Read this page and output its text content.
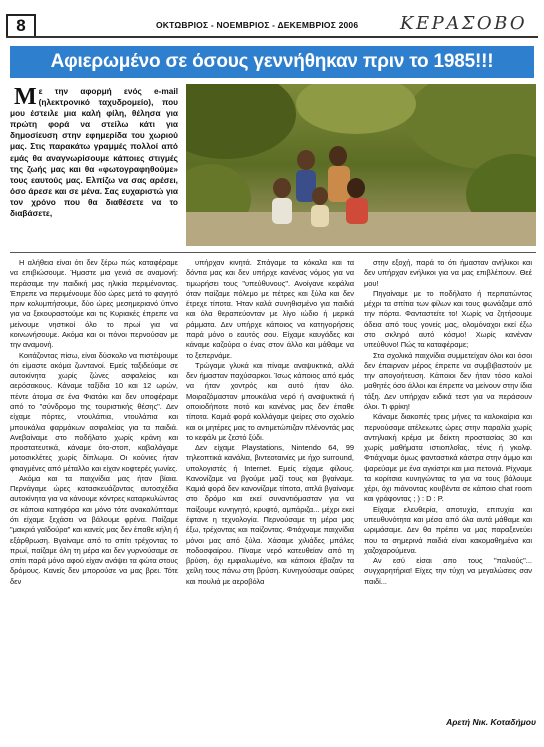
8	ΟΚΤΩΒΡΙΟΣ - ΝΟΕΜΒΡΙΟΣ - ΔΕΚΕΜΒΡΙΟΣ 2006 ΚΕΡΑΣΟΒΟ
Αφιερωμένο σε όσους γεννήθηκαν πριν το 1985!!!

Με την αφορμή ενός e-mail (ηλεκτρονικό ταχυδρομείο), που μου έστειλε μια καλή φίλη, θέλησα για πρώτη φορά να στείλω κάτι για δημοσίευση στην εφημερίδα του χωριού μας. Στις παρακάτω γραμμές πολλοί από εμάς θα αναγνωρίσουμε κάποιες στιγμές της ζωής μας και θα «φωτογραφηθούμε» τους εαυτούς μας. Ελπίζω να σας αρέσει, όσο άρεσε και σε μένα. Σας ευχαριστώ για τον χρόνο που θα διαθέσετε να το διαβάσετε,

Η αλήθεια είναι ότι δεν ξέρω πώς καταφέραμε να επιβιώσουμε. Ήμαστε μια γενιά σε αναμονή: περάσαμε την παιδική μας ηλικία περιμένοντας. Έπρεπε να περιμένουμε δύο ώρες μετά το φαγητό πριν κολυμπήσουμε, δύο ώρες μεσημεριανό ύπνο για να ξεκουραστούμε και τις Κυριακές έπρεπε να μείνουμε νηστικοί όλο το πρωί για να κοινωνήσουμε. Ακόμα και οι πόνοι περνούσαν με την αναμονή.

Κοιτάζοντας πίσω, είναι δύσκολο να πιστέψουμε ότι είμαστε ακόμα ζωντανοί. Εμείς ταξιδεύαμε σε αυτοκίνητα χωρίς ζώνες ασφαλείας και αερόσακους. Κάναμε ταξίδια 10 και 12 ωρών, πέντε άτομα σε ένα Φιατάκι και δεν υποφέραμε από το "σύνδρομο της τουριστικής θέσης". Δεν είχαμε πόρτες, ντουλάπια, ντουλάπια και μπουκάλια φαρμάκων ασφαλείας για τα παιδιά. Ανεβαίναμε στο ποδήλατο χωρίς κράνη και προστατευτικά, κάναμε ότο-στοπ, καβαλάγαμε μοτοσικλέτες χωρίς δίπλωμα. Οι κούνιες ήταν φτιαγμένες από μέταλλο και είχαν κοφτερές γωνίες.

Ακόμα και τα παιχνίδια μας ήταν βίαια. Περνάγαμε ώρες κατασκευάζοντας αυτοσχέδια αυτοκίνητα για να κάνουμε κόντρες καταρκυλώντας σε κάποια κατηφόρα και μόνο τότε ανακαλύπταμε ότι είχαμε ξεχάσει να βάλουμε φρένα. Παίζαμε "μακριά γαϊδούρα" και κανείς μας δεν έπαθε κήλη ή εξάρθρωση. Βγαίναμε από το σπίτι τρέχοντας το πρωί, παίζαμε όλη τη μέρα και δεν γυρνούσαμε σε σπίτι παρά μόνο αφού είχαν ανάψει τα φώτα στους δρόμους. Κανείς δεν μπορούσε να μας βρει. Τότε δεν

υπήρχαν κινητά. Σπάγαμε τα κόκαλα και τα δόντια μας και δεν υπήρχε κανένας νόμος για να τιμωρήσει τους "υπεύθυνους". Ανοίγανε κεφάλια όταν παίζαμε πόλεμο με πέτρες και ξύλα και δεν έτρεχε τίποτα. Ήταν καλά συνηθισμένο για παιδιά και όλα θεραπεύονταν με λίγο ιώδιο ή μερικά ράμματα. Δεν υπήρχε κάποιος να κατηγορήσεις παρά μόνο ο εαυτός σου. Είχαμε καυγάδες και κάναμε καζούρα ο ένας στον άλλο και μάθαμε να το ξεπερνάμε.

Τρώγαμε γλυκά και πίναμε αναψυκτικά, αλλά δεν ήμασταν παχύσαρκοι. Ίσως κάποιος από εμάς να ήταν χοντρός και αυτό ήταν όλο. Μοιραζόμασταν μπουκάλια νερό ή αναψυκτικά ή οποιοδήποτε ποτό και κανένας μας δεν έπαθε τίποτα. Καμιά φορά κολλάγαμε ψείρες στο σχολείο και οι μητέρες μας το αντιμετώπιζαν πλένοντάς μας το κεφάλι με ζεστό ξύδι.

Δεν είχαμε Playstations, Nintendo 64, 99 τηλεοπτικά κανάλια, βιντεοταινίες με ήχο surround, υπολογιστές ή Internet. Εμείς είχαμε φίλους. Κανονίζαμε να βγούμε μαζί τους και βγαίναμε. Καμιά φορά δεν κανονίζαμε τίποτα, απλά βγαίναμε στο δρόμο και εκεί συναντιόμασταν για να παίξουμε κυνηγητό, κρυφτό, αμπάριζα... μέχρι εκεί έφτανε η τεχνολογία. Περνούσαμε τη μέρα μας έξω, τρέχοντας και παίζοντας. Φτιάχναμε παιχνίδια μόνοι μας από ξύλα. Χάσαμε χιλιάδες μπάλες ποδοσφαίρου. Πίναμε νερό κατευθείαν από τη βρύση, όχι εμφιαλωμένο, και κάποιοι έβαζαν τα χείλη τους πάνω στη βρύση. Κυνηγούσαμε σαύρες και πουλιά με αεροβόλα

στην εξοχή, παρά το ότι ήμασταν ανήλικοι και δεν υπήρχαν ενήλικοι για να μας επιβλέπουν. Θεέ μου!

Πηγαίναμε με το ποδήλατο ή περπατώντας μέχρι τα σπίτια των φίλων και τους φωνάζαμε από την πόρτα. Φανταστείτε το! Χωρίς να ζητήσουμε άδεια από τους γονείς μας, ολομόναχοι εκεί έξω στο σκληρό αυτό κόσμο! Χωρίς κανέναν υπεύθυνο! Πώς τα καταφέραμε;

Στα σχολικά παιχνίδια συμμετείχαν όλοι και όσοι δεν έπαιρναν μέρος έπρεπε να συμβιβαστούν με την απογοήτευση. Κάποιοι δεν ήταν τόσο καλοί μαθητές όσο άλλοι και έπρεπε να μείνουν στην ίδια τάξη. Δεν υπήρχαν ειδικά τεστ για να περάσουν όλοι. Τι φρίκη!

Κάναμε διακοπές τρεις μήνες τα καλοκαίρια και περνούσαμε ατέλειωτες ώρες στην παραλία χωρίς αντηλιακή κρέμα με δείκτη προστασίας 30 και χωρίς μαθήματα ιστιοπλοΐας, τένις ή γκολφ. Φτιάχναμε όμως φανταστικά κάστρα στην άμμο και ψαρεύαμε με ένα αγκίστρι και μια πετονιά. Ρίχναμε τα κορίτσια κυνηγώντας τα για να τους βάλουμε χέρι, όχι πιάνοντας κουβέντα σε κάποιο chat room και γράφοντας ; ) : D : P.

Είχαμε ελευθερία, αποτυχία, επιτυχία και υπευθυνότητα και μέσα από όλα αυτά μάθαμε και ωριμάσαμε. Δεν θα πρέπει να μας παραξενεύει που τα σημερινά παιδιά είναι κακομαθημένα και χαζοχαρούμενα.

Αν εσύ είσαι απο τους "παλιούς"... συγχαρητήρια! Είχες την τύχη να μεγαλώσεις σαν παιδί...

Αρετή Νικ. Κοταδήμου
